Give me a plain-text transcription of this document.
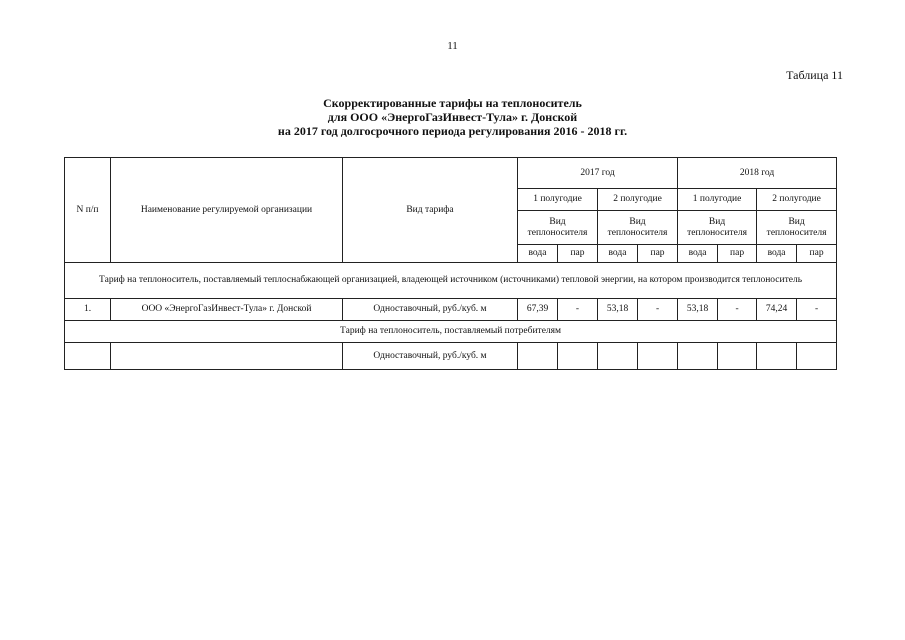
11
Таблица 11
Скорректированные тарифы на теплоноситель
для ООО «ЭнергоГазИнвест-Тула» г. Донской
на 2017 год долгосрочного периода регулирования 2016 - 2018 гг.
N п/п	Наименование регулируемой организации	Вид тарифа	2017 год				2018 год			
			1 полугодие		2 полугодие		1 полугодие		2 полугодие	
			Вид теплоносителя		Вид теплоносителя		Вид теплоносителя		Вид теплоносителя	
			вода	пар	вода	пар	вода	пар	вода	пар
Тариф на теплоноситель, поставляемый теплоснабжающей организацией, владеющей источником (источниками) тепловой энергии, на котором производится теплоноситель										
1.	ООО «ЭнергоГазИнвест-Тула» г. Донской	Одноставочный, руб./куб. м	67,39	-	53,18	-	53,18	-	74,24	-
Тариф на теплоноситель, поставляемый потребителям										
		Одноставочный, руб./куб. м								
